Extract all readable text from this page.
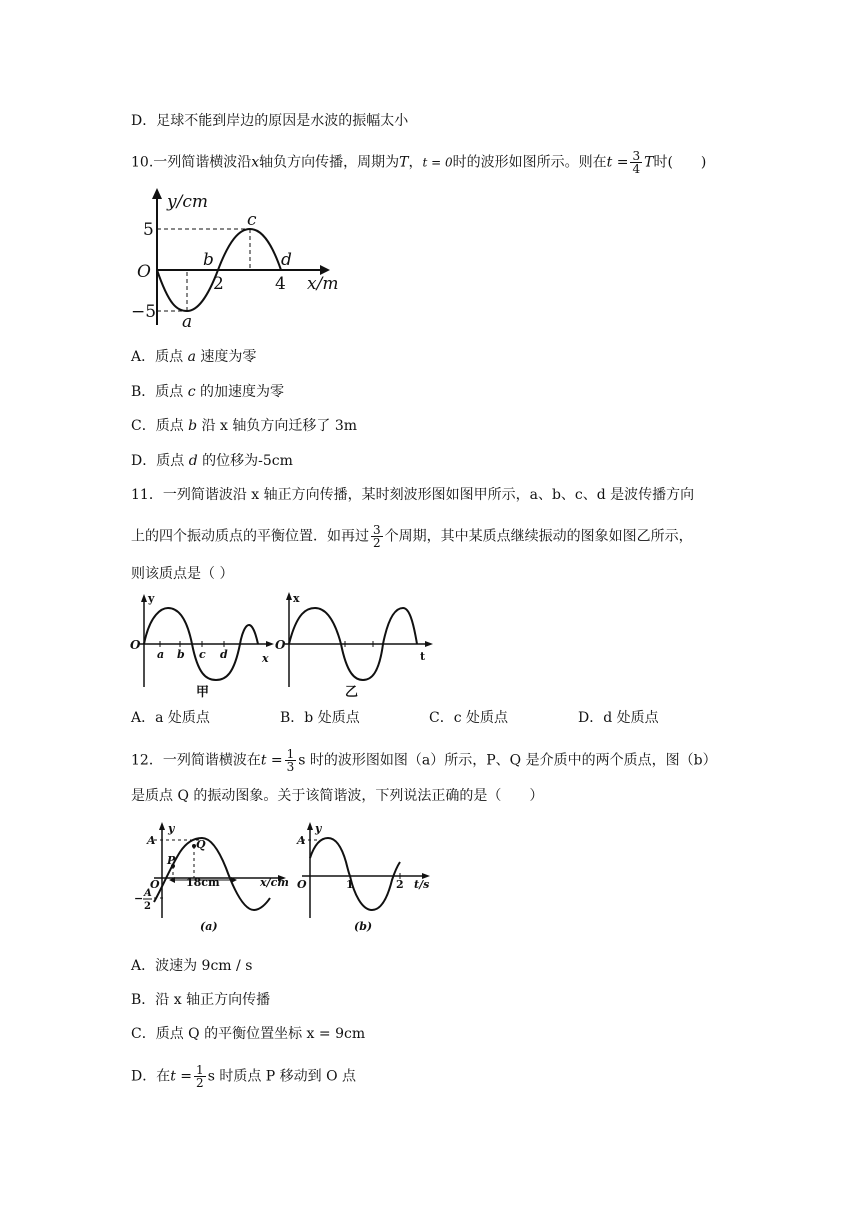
D．足球不能到岸边的原因是水波的振幅太小
10.一列简谐横波沿x轴负方向传播，周期为T，t = 0时的波形如图所示。则在$t = \frac{3}{4}$ T时(　　)
y/cm
x/m
O
5
−5
2	4
a
b
c
d
A．质点 a 速度为零
B．质点 c 的加速度为零
C．质点 b 沿 x 轴负方向迁移了 3m
D．质点 d 的位移为-5cm
11．一列简谐波沿 x 轴正方向传播，某时刻波形图如图甲所示，a、b、c、d 是波传播方向
上的四个振动质点的平衡位置．如再过 $\frac{3}{2}$ 个周期，其中某质点继续振动的图象如图乙所示，
则该质点是（ ）
y
O
a b c d	x
甲
x
O
t
乙
A．a 处质点	B．b 处质点	C．c 处质点	D．d 处质点
12．一列简谐横波在$t = \frac{1}{3}$ s 时的波形图如图（a）所示，P、Q 是介质中的两个质点，图（b）
是质点 Q 的振动图象。关于该简谐波，下列说法正确的是（　　）
A
y
P
Q
O 18cm	x/cm
− A
2
(a)
A
y
O	1	2 t/s
(b)
A．波速为 9cm / s
B．沿 x 轴正方向传播
C．质点 Q 的平衡位置坐标 x = 9cm
D．在$t = \frac{1}{2}$ s 时质点 P 移动到 O 点
